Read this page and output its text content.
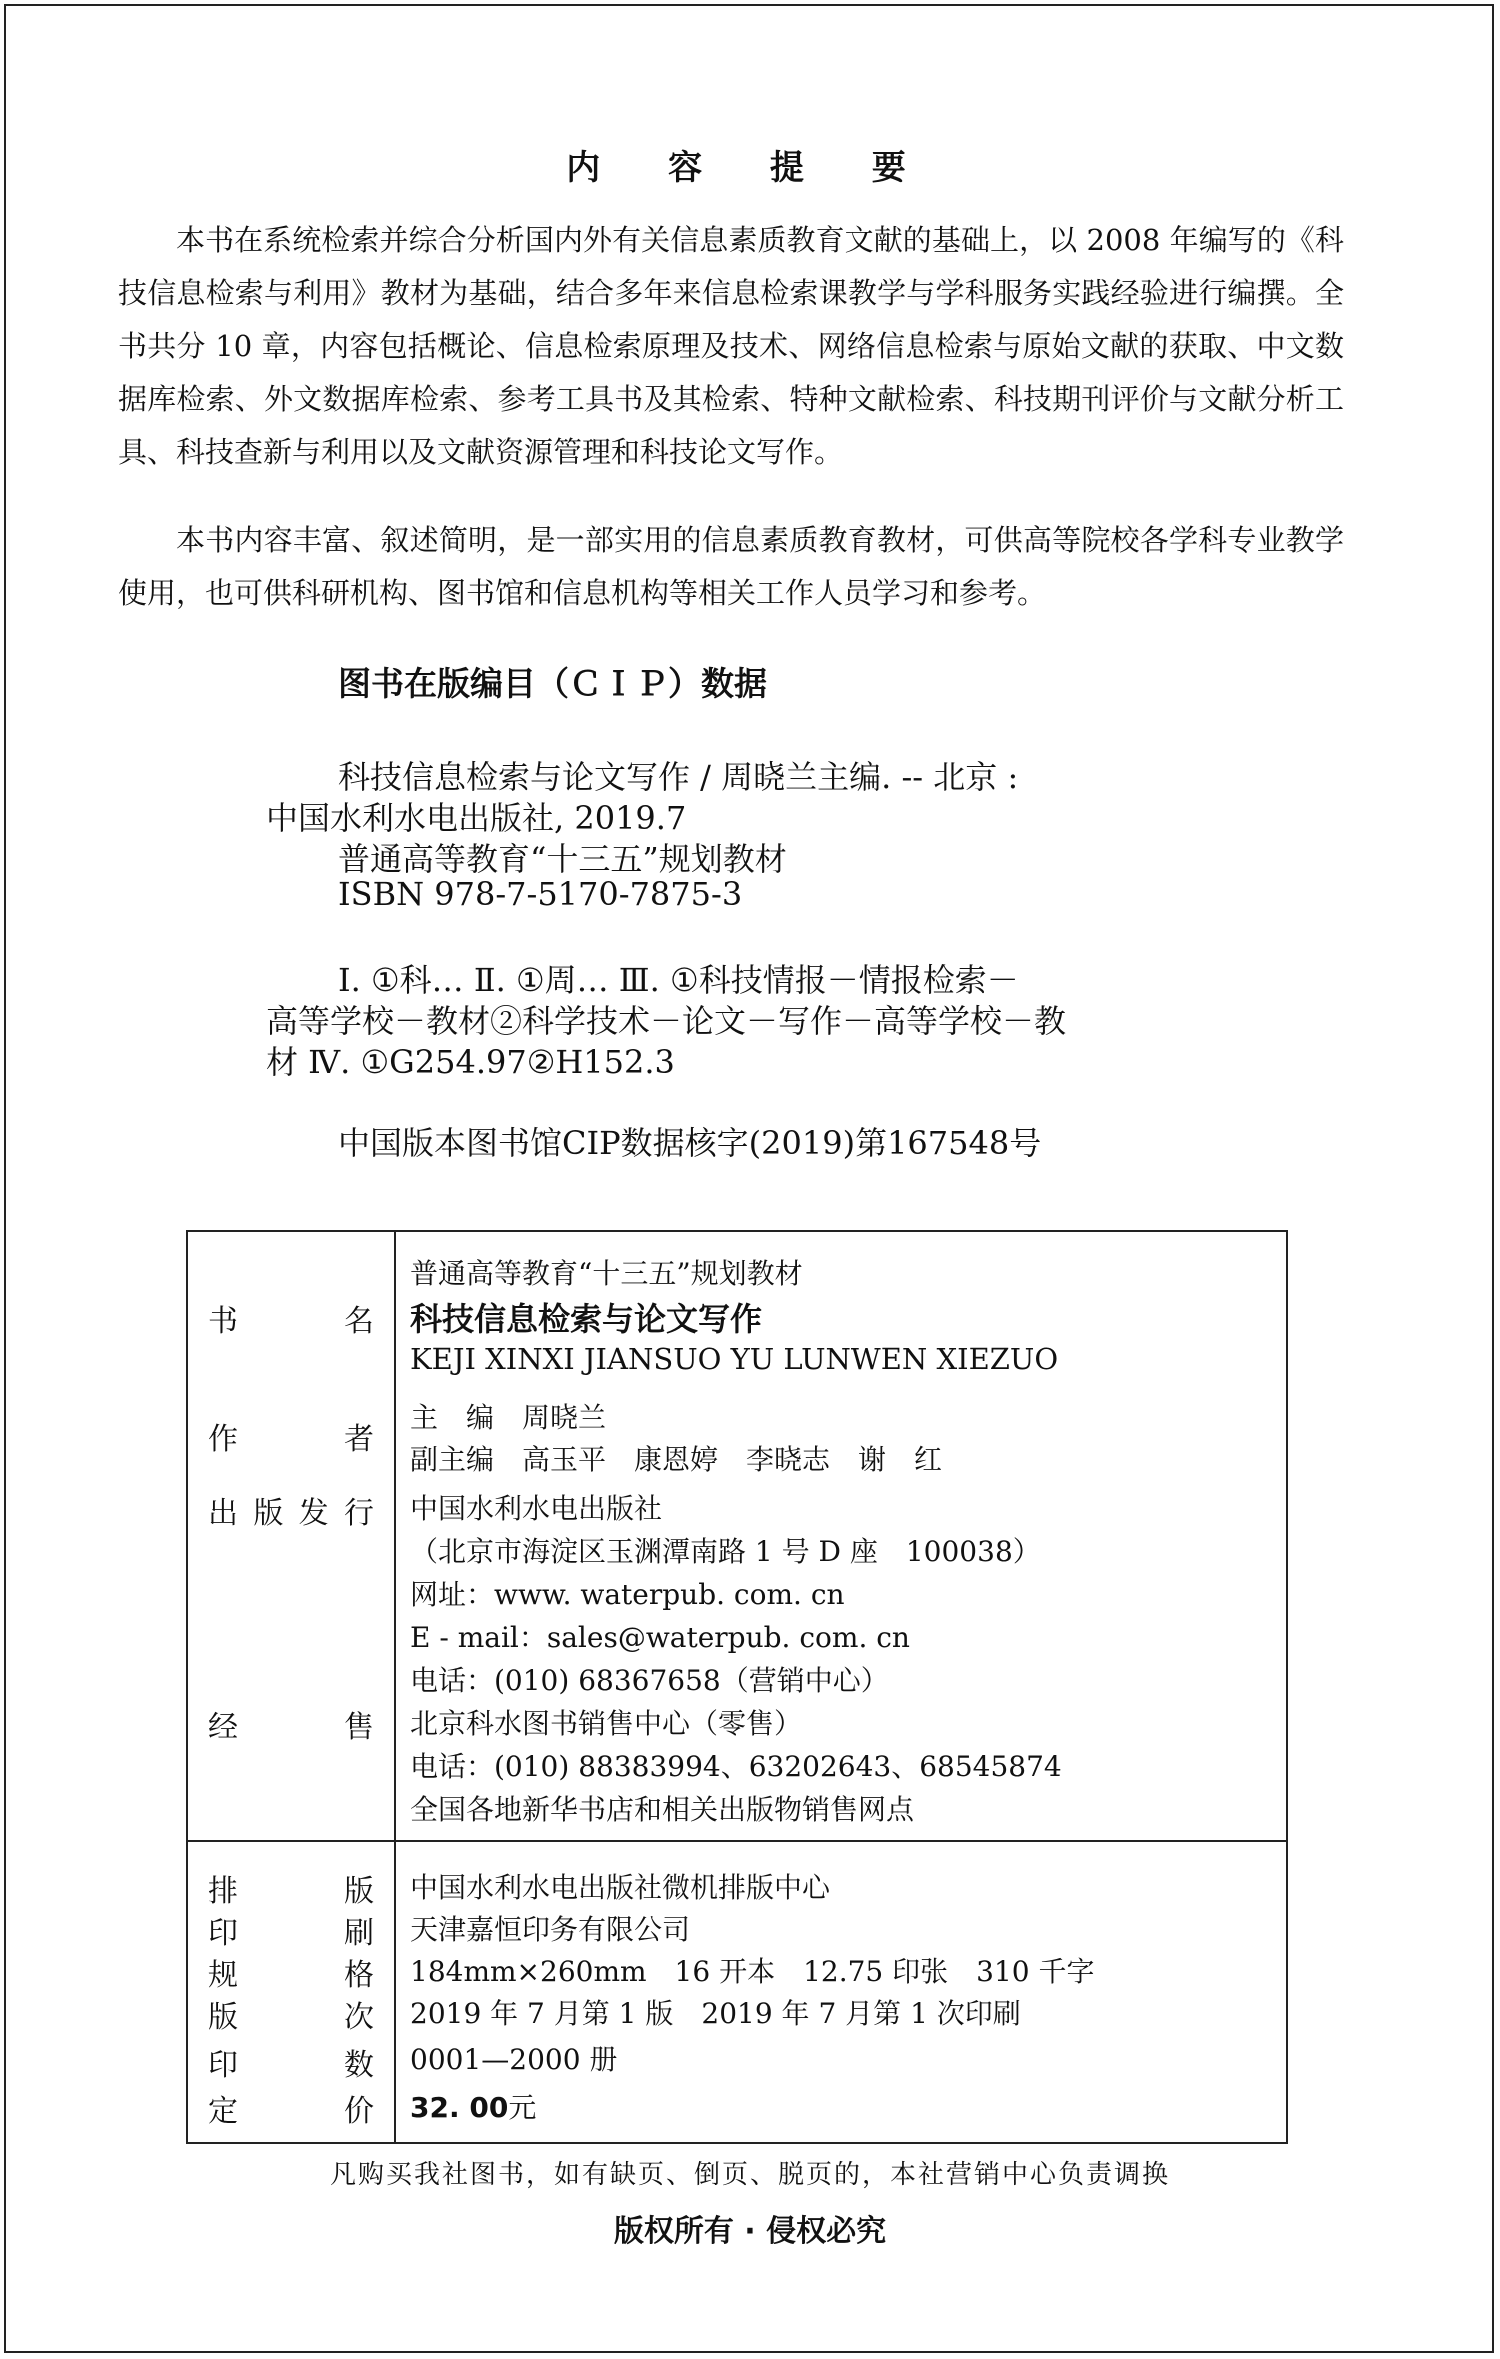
内 容 提 要
本书在系统检索并综合分析国内外有关信息素质教育文献的基础上，以 2008 年编写的《科技信息检索与利用》教材为基础，结合多年来信息检索课教学与学科服务实践经验进行编撰。全书共分 10 章，内容包括概论、信息检索原理及技术、网络信息检索与原始文献的获取、中文数据库检索、外文数据库检索、参考工具书及其检索、特种文献检索、科技期刊评价与文献分析工具、科技查新与利用以及文献资源管理和科技论文写作。
本书内容丰富、叙述简明，是一部实用的信息素质教育教材，可供高等院校各学科专业教学使用，也可供科研机构、图书馆和信息机构等相关工作人员学习和参考。
图书在版编目（ＣＩＰ）数据
科技信息检索与论文写作 / 周晓兰主编. -- 北京 :
中国水利水电出版社, 2019.7
普通高等教育“十三五”规划教材
ISBN 978-7-5170-7875-3
Ⅰ. ①科… Ⅱ. ①周… Ⅲ. ①科技情报－情报检索－
高等学校－教材②科学技术－论文－写作－高等学校－教
材 Ⅳ. ①G254.97②H152.3
中国版本图书馆CIP数据核字(2019)第167548号
普通高等教育“十三五”规划教材
书	名 科技信息检索与论文写作
KEJI XINXI JIANSUO YU LUNWEN XIEZUO
作	者
主　编　周晓兰
副主编　高玉平　康恩婷　李晓志　谢　红
出 版 发 行 中国水利水电出版社
（北京市海淀区玉渊潭南路 1 号 D 座　100038）
网址：www. waterpub. com. cn
E - mail：sales@waterpub. com. cn
电话：(010) 68367658（营销中心）
经	售 北京科水图书销售中心（零售）
电话：(010) 88383994、63202643、68545874
全国各地新华书店和相关出版物销售网点
排	版 中国水利水电出版社微机排版中心
印	刷 天津嘉恒印务有限公司
规	格 184mm×260mm　16 开本　12.75 印张　310 千字
版	次 2019 年 7 月第 1 版　2019 年 7 月第 1 次印刷
印	数 0001—2000 册
定	价 32. 00元
凡购买我社图书，如有缺页、倒页、脱页的，本社营销中心负责调换
版权所有 · 侵权必究
